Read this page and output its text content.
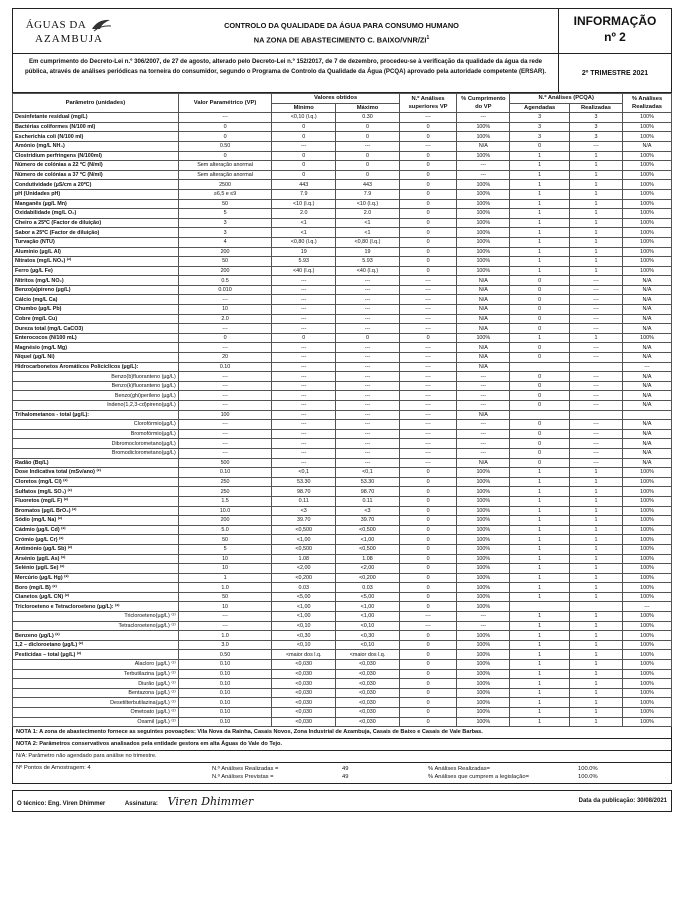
ÁGUAS DA
AZAMBUJA
CONTROLO DA QUALIDADE DA ÁGUA PARA CONSUMO HUMANO
NA ZONA DE ABASTECIMENTO C. BAIXO/$VNR/ZI^1$
INFORMAÇÃO
nº 2
Em cumprimento do Decreto-Lei n.º 306/2007, de 27 de agosto, alterado pelo Decreto-Lei n.º 152/2017, de 7 de dezembro, procedeu-se à verificação da qualidade da água da rede pública, através de análises periódicas na torneira do consumidor, segundo o Programa de Controlo da Qualidade da Água (PCQA) aprovado pela autoridade competente (ERSAR).	2º TRIMESTRE 2021
Parâmetro (unidades)	Valor Paramétrico (VP)	Valores obtidos		N.º Análises superiores VP	% Cumprimento do VP	N.º Análises (PCQA)		% Análises Realizadas
		Mínimo	Máximo			Agendadas	Realizadas	
Desinfetante residual (mg/L)	---	<0,10 (l.q.)	0.30	---	---	3	3	100%
Bactérias coliformes (N/100 ml)	0	0	0	0	100%	3	3	100%
Escherichia coli (N/100 ml)	0	0	0	0	100%	3	3	100%
Amónio (mg/L NH₄)	0.50	---	---	---	N/A	0	---	N/A
Clostridium perfringens (N/100ml)	0	0	0	0	100%	1	1	100%
Número de colónias a 22 ºC (N/ml)	Sem alteração anormal	0	0	0	---	1	1	100%
Número de colónias a 37 ºC (N/ml)	Sem alteração anormal	0	0	0	---	1	1	100%
Condutividade (µS/cm a 20ºC)	2500	443	443	0	100%	1	1	100%
pH (Unidades pH)	≥6,5 e ≤9	7.9	7.9	0	100%	1	1	100%
Manganês (µg/L Mn)	50	<10 (l.q.)	<10 (l.q.)	0	100%	1	1	100%
Oxidabilidade (mg/L O₂)	5	2.0	2.0	0	100%	1	1	100%
Cheiro a 25ºC (Factor de diluição)	3	<1	<1	0	100%	1	1	100%
Sabor a 25ºC (Factor de diluição)	3	<1	<1	0	100%	1	1	100%
Turvação (NTU)	4	<0,80 (l.q.)	<0,80 (l.q.)	0	100%	1	1	100%
Alumínio (µg/L Al)	200	19	19	0	100%	1	1	100%
Nitratos (mg/L NO₃) ⁽²⁾	50	5.93	5.93	0	100%	1	1	100%
Ferro (µg/L Fe)	200	<40 (l.q.)	<40 (l.q.)	0	100%	1	1	100%
Nitritos (mg/L NO₂)	0.5	---	---	---	N/A	0	---	N/A
Benzo(a)pireno (µg/L)	0.010	---	---	---	N/A	0	---	N/A
Cálcio (mg/L Ca)	---	---	---	---	N/A	0	---	N/A
Chumbo (µg/L Pb)	10	---	---	---	N/A	0	---	N/A
Cobre (mg/L Cu)	2.0	---	---	---	N/A	0	---	N/A
Dureza total (mg/L CaCO3)	---	---	---	---	N/A	0	---	N/A
Enterococos (N/100 mL)	0	0	0	0	100%	1	1	100%
Magnésio (mg/L Mg)	---	---	---	---	N/A	0	---	N/A
Níquel (µg/L Ni)	20	---	---	---	N/A	0	---	N/A
Hidrocarbonetos Aromáticos Policíclicos (µg/L):	0.10	---	---	---	N/A			---
Benzo(b)fluoranteno (µg/L)	---	---	---	---	---	0	---	N/A
Benzo(k)fluoranteno (µg/L)	---	---	---	---	---	0	---	N/A
Benzo(ghi)perileno (µg/L)	---	---	---	---	---	0	---	N/A
Indeno(1,2,3-cd)pireno(µg/L)	---	---	---	---	---	0	---	N/A
Trihalometanos - total (µg/L):	100	---	---	---	N/A			
Clorofórmio(µg/L)	---	---	---	---	---	0	---	N/A
Bromofórmio(µg/L)	---	---	---	---	---	0	---	N/A
Dibromoclorometano(µg/L)	---	---	---	---	---	0	---	N/A
Bromodiclorometano(µg/L)	---	---	---	---	---	0	---	N/A
Radão (Bq/L)	500	---	---	---	N/A	0	---	N/A
Dose Indicativa total (mSv/ano) ⁽²⁾	0.10	<0,1	<0,1	0	100%	1	1	100%
Cloretos (mg/L Cl) ⁽²⁾	250	53.30	53.30	0	100%	1	1	100%
Sulfatos (mg/L SO₄) ⁽²⁾	250	98.70	98.70	0	100%	1	1	100%
Fluoretos (mg/L F) ⁽²⁾	1.5	0.11	0.11	0	100%	1	1	100%
Bromatos (µg/L BrO₃) ⁽²⁾	10.0	<3	<3	0	100%	1	1	100%
Sódio (mg/L Na) ⁽²⁾	200	39.70	39.70	0	100%	1	1	100%
Cádmio (µg/L Cd) ⁽²⁾	5.0	<0,500	<0,500	0	100%	1	1	100%
Crómio (µg/L Cr) ⁽²⁾	50	<1,00	<1,00	0	100%	1	1	100%
Antimónio (µg/L Sb) ⁽²⁾	5	<0,500	<0,500	0	100%	1	1	100%
Arsénio (µg/L As) ⁽²⁾	10	1.08	1.08	0	100%	1	1	100%
Selénio (µg/L Se) ⁽²⁾	10	<2,00	<2,00	0	100%	1	1	100%
Mercúrio (µg/L Hg) ⁽²⁾	1	<0,200	<0,200	0	100%	1	1	100%
Boro (mg/L B) ⁽²⁾	1.0	0.03	0.03	0	100%	1	1	100%
Cianetos (µg/L CN) ⁽²⁾	50	<5,00	<5,00	0	100%	1	1	100%
Tricloroeteno e Tetracloroeteno (µg/L): ⁽²⁾	10	<1,00	<1,00	0	100%			---
Tricloroeteno(µg/L) ⁽²⁾	---	<1,00	<1,00	---	---	1	1	100%
Tetracloroeteno(µg/L) ⁽²⁾	---	<0,10	<0,10	---	---	1	1	100%
Benzeno (µg/L) ⁽²⁾	1.0	<0,30	<0,30	0	100%	1	1	100%
1,2 – dicloroetano (µg/L) ⁽²⁾	3.0	<0,10	<0,10	0	100%	1	1	100%
Pesticidas – total (µg/L) ⁽²⁾	0.50	<maior dos l.q.	<maior dos l.q.	0	100%	1	1	100%
Alacloro (µg/L) ⁽²⁾	0.10	<0,030	<0,030	0	100%	1	1	100%
Terbutilazina (µg/L) ⁽²⁾	0.10	<0,030	<0,030	0	100%	1	1	100%
Diurão (µg/L) ⁽²⁾	0.10	<0,030	<0,030	0	100%	1	1	100%
Bentazona (µg/L) ⁽²⁾	0.10	<0,030	<0,030	0	100%	1	1	100%
Desetilterbutilazina(µg/L) ⁽²⁾	0.10	<0,030	<0,030	0	100%	1	1	100%
Ometoato (µg/L) ⁽²⁾	0.10	<0,030	<0,030	0	100%	1	1	100%
Oxamil (µg/L) ⁽²⁾	0.10	<0,030	<0,030	0	100%	1	1	100%
NOTA 1: A zona de abastecimento fornece as seguintes povoações: Vila Nova da Rainha, Casais Novos, Zona Industrial de Azambuja, Casais de Baixo e Casais de Vale Barbas.
NOTA 2: Parâmetros conservativos analisados pela entidade gestora em alta Águas do Vale do Tejo.
N/A: Parâmetro não agendado para análise no trimestre.
Nº Pontos de Amostragem: 4	N.º Análises Realizadas =	49
N.º Análises Previstas =	49
% Análises Realizadas=	100.0%
% Análises que cumprem a legislação=	100.0%
O técnico: Eng. Viren Dhimmer	Assinatura: Viren Dhimmer	Data da publicação: 30/08/2021
